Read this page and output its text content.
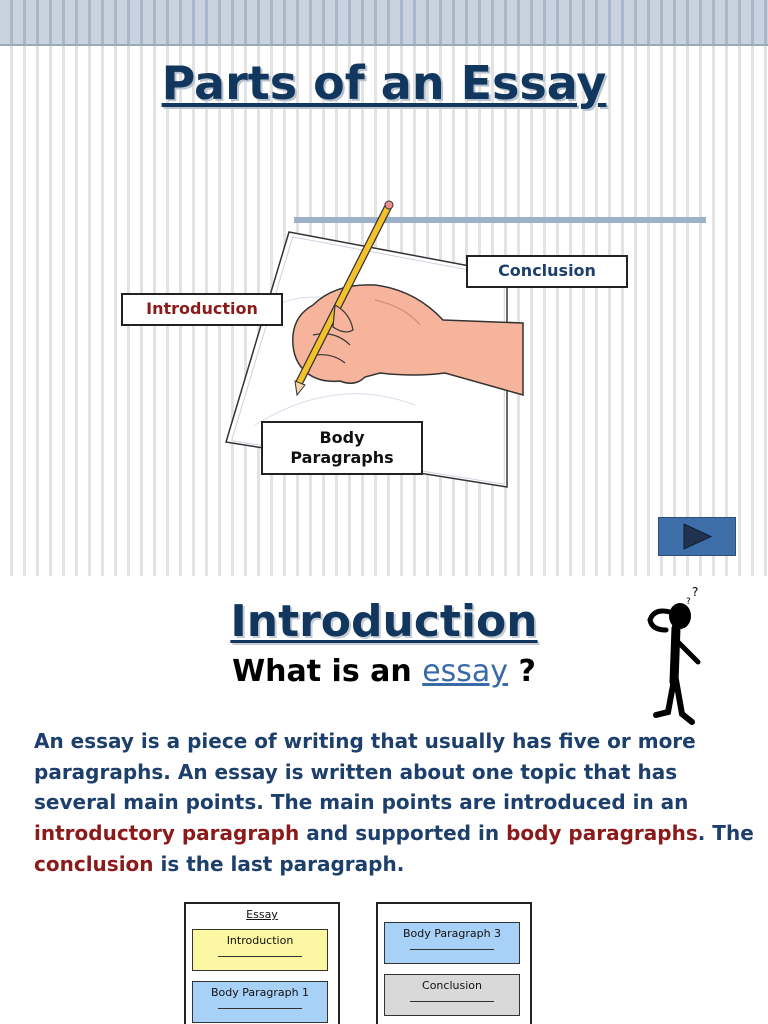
Parts of an Essay
Introduction
Conclusion
Body
Paragraphs
Introduction
What is an essay ?
?
?
An essay is a piece of writing that usually has five or more paragraphs. An essay is written about one topic that has several main points. The main points are introduced in an introductory paragraph and supported in body paragraphs. The conclusion is the last paragraph.
Essay
Introduction
Body Paragraph 1
Body Paragraph 3
Conclusion
